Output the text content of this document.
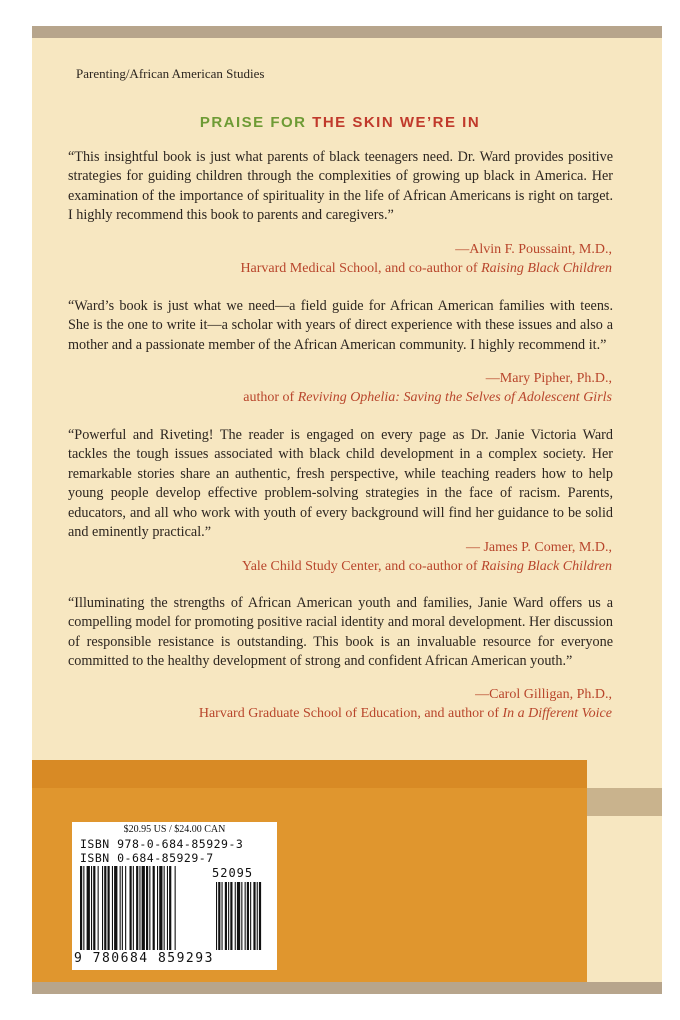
Parenting/African American Studies
PRAISE FOR THE SKIN WE’RE IN
“This insightful book is just what parents of black teenagers need. Dr. Ward provides positive strategies for guiding children through the complexities of growing up black in America. Her examination of the importance of spirituality in the life of African Americans is right on target. I highly recommend this book to parents and caregivers.”
—Alvin F. Poussaint, M.D.,
Harvard Medical School, and co-author of Raising Black Children
“Ward’s book is just what we need—a field guide for African American families with teens. She is the one to write it—a scholar with years of direct experience with these issues and also a mother and a passionate member of the African American community. I highly recommend it.”
—Mary Pipher, Ph.D.,
author of Reviving Ophelia: Saving the Selves of Adolescent Girls
“Powerful and Riveting! The reader is engaged on every page as Dr. Janie Victoria Ward tackles the tough issues associated with black child development in a complex society. Her remarkable stories share an authentic, fresh perspective, while teaching readers how to help young people develop effective problem-solving strategies in the face of racism. Parents, educators, and all who work with youth of every background will find her guidance to be solid and eminently practical.”
— James P. Comer, M.D.,
Yale Child Study Center, and co-author of Raising Black Children
“Illuminating the strengths of African American youth and families, Janie Ward offers us a compelling model for promoting positive racial identity and moral development. Her discussion of responsible resistance is outstanding. This book is an invaluable resource for everyone committed to the healthy development of strong and confident African American youth.”
—Carol Gilligan, Ph.D.,
Harvard Graduate School of Education, and author of In a Different Voice
$20.95 US / $24.00 CAN
ISBN 978-0-684-85929-3
ISBN 0-684-85929-7
52095
9 780684 859293
